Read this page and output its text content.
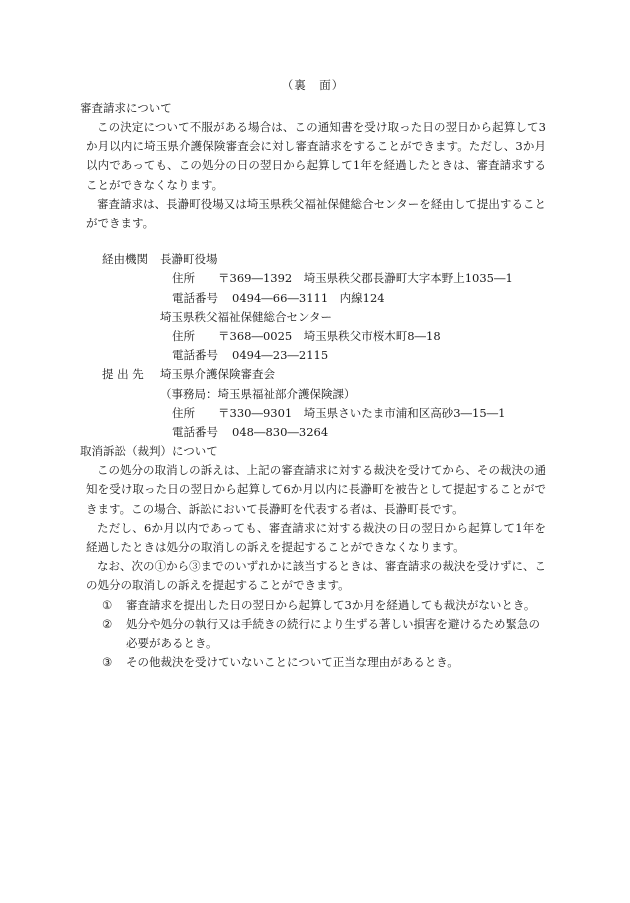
（裏　面）
審査請求について

この決定について不服がある場合は、この通知書を受け取った日の翌日から起算して3か月以内に埼玉県介護保険審査会に対し審査請求をすることができます。ただし、3か月以内であっても、この処分の日の翌日から起算して1年を経過したときは、審査請求することができなくなります。

審査請求は、長瀞町役場又は埼玉県秩父福祉保健総合センターを経由して提出することができます。

経由機関	長瀞町役場
住所 〒369―1392　埼玉県秩父郡長瀞町大字本野上1035―1
電話番号 0494―66―3111　内線124
埼玉県秩父福祉保健総合センター
住所 〒368―0025　埼玉県秩父市桜木町8―18
電話番号 0494―23―2115
提 出 先	埼玉県介護保険審査会
（事務局：埼玉県福祉部介護保険課）
住所 〒330―9301　埼玉県さいたま市浦和区高砂3―15―1
電話番号 048―830―3264
取消訴訟（裁判）について

この処分の取消しの訴えは、上記の審査請求に対する裁決を受けてから、その裁決の通知を受け取った日の翌日から起算して6か月以内に長瀞町を被告として提起することができます。この場合、訴訟において長瀞町を代表する者は、長瀞町長です。

ただし、6か月以内であっても、審査請求に対する裁決の日の翌日から起算して1年を経過したときは処分の取消しの訴えを提起することができなくなります。

なお、次の①から③までのいずれかに該当するときは、審査請求の裁決を受けずに、この処分の取消しの訴えを提起することができます。

①	審査請求を提出した日の翌日から起算して3か月を経過しても裁決がないとき。
②	処分や処分の執行又は手続きの続行により生ずる著しい損害を避けるため緊急の必要があるとき。
③	その他裁決を受けていないことについて正当な理由があるとき。
